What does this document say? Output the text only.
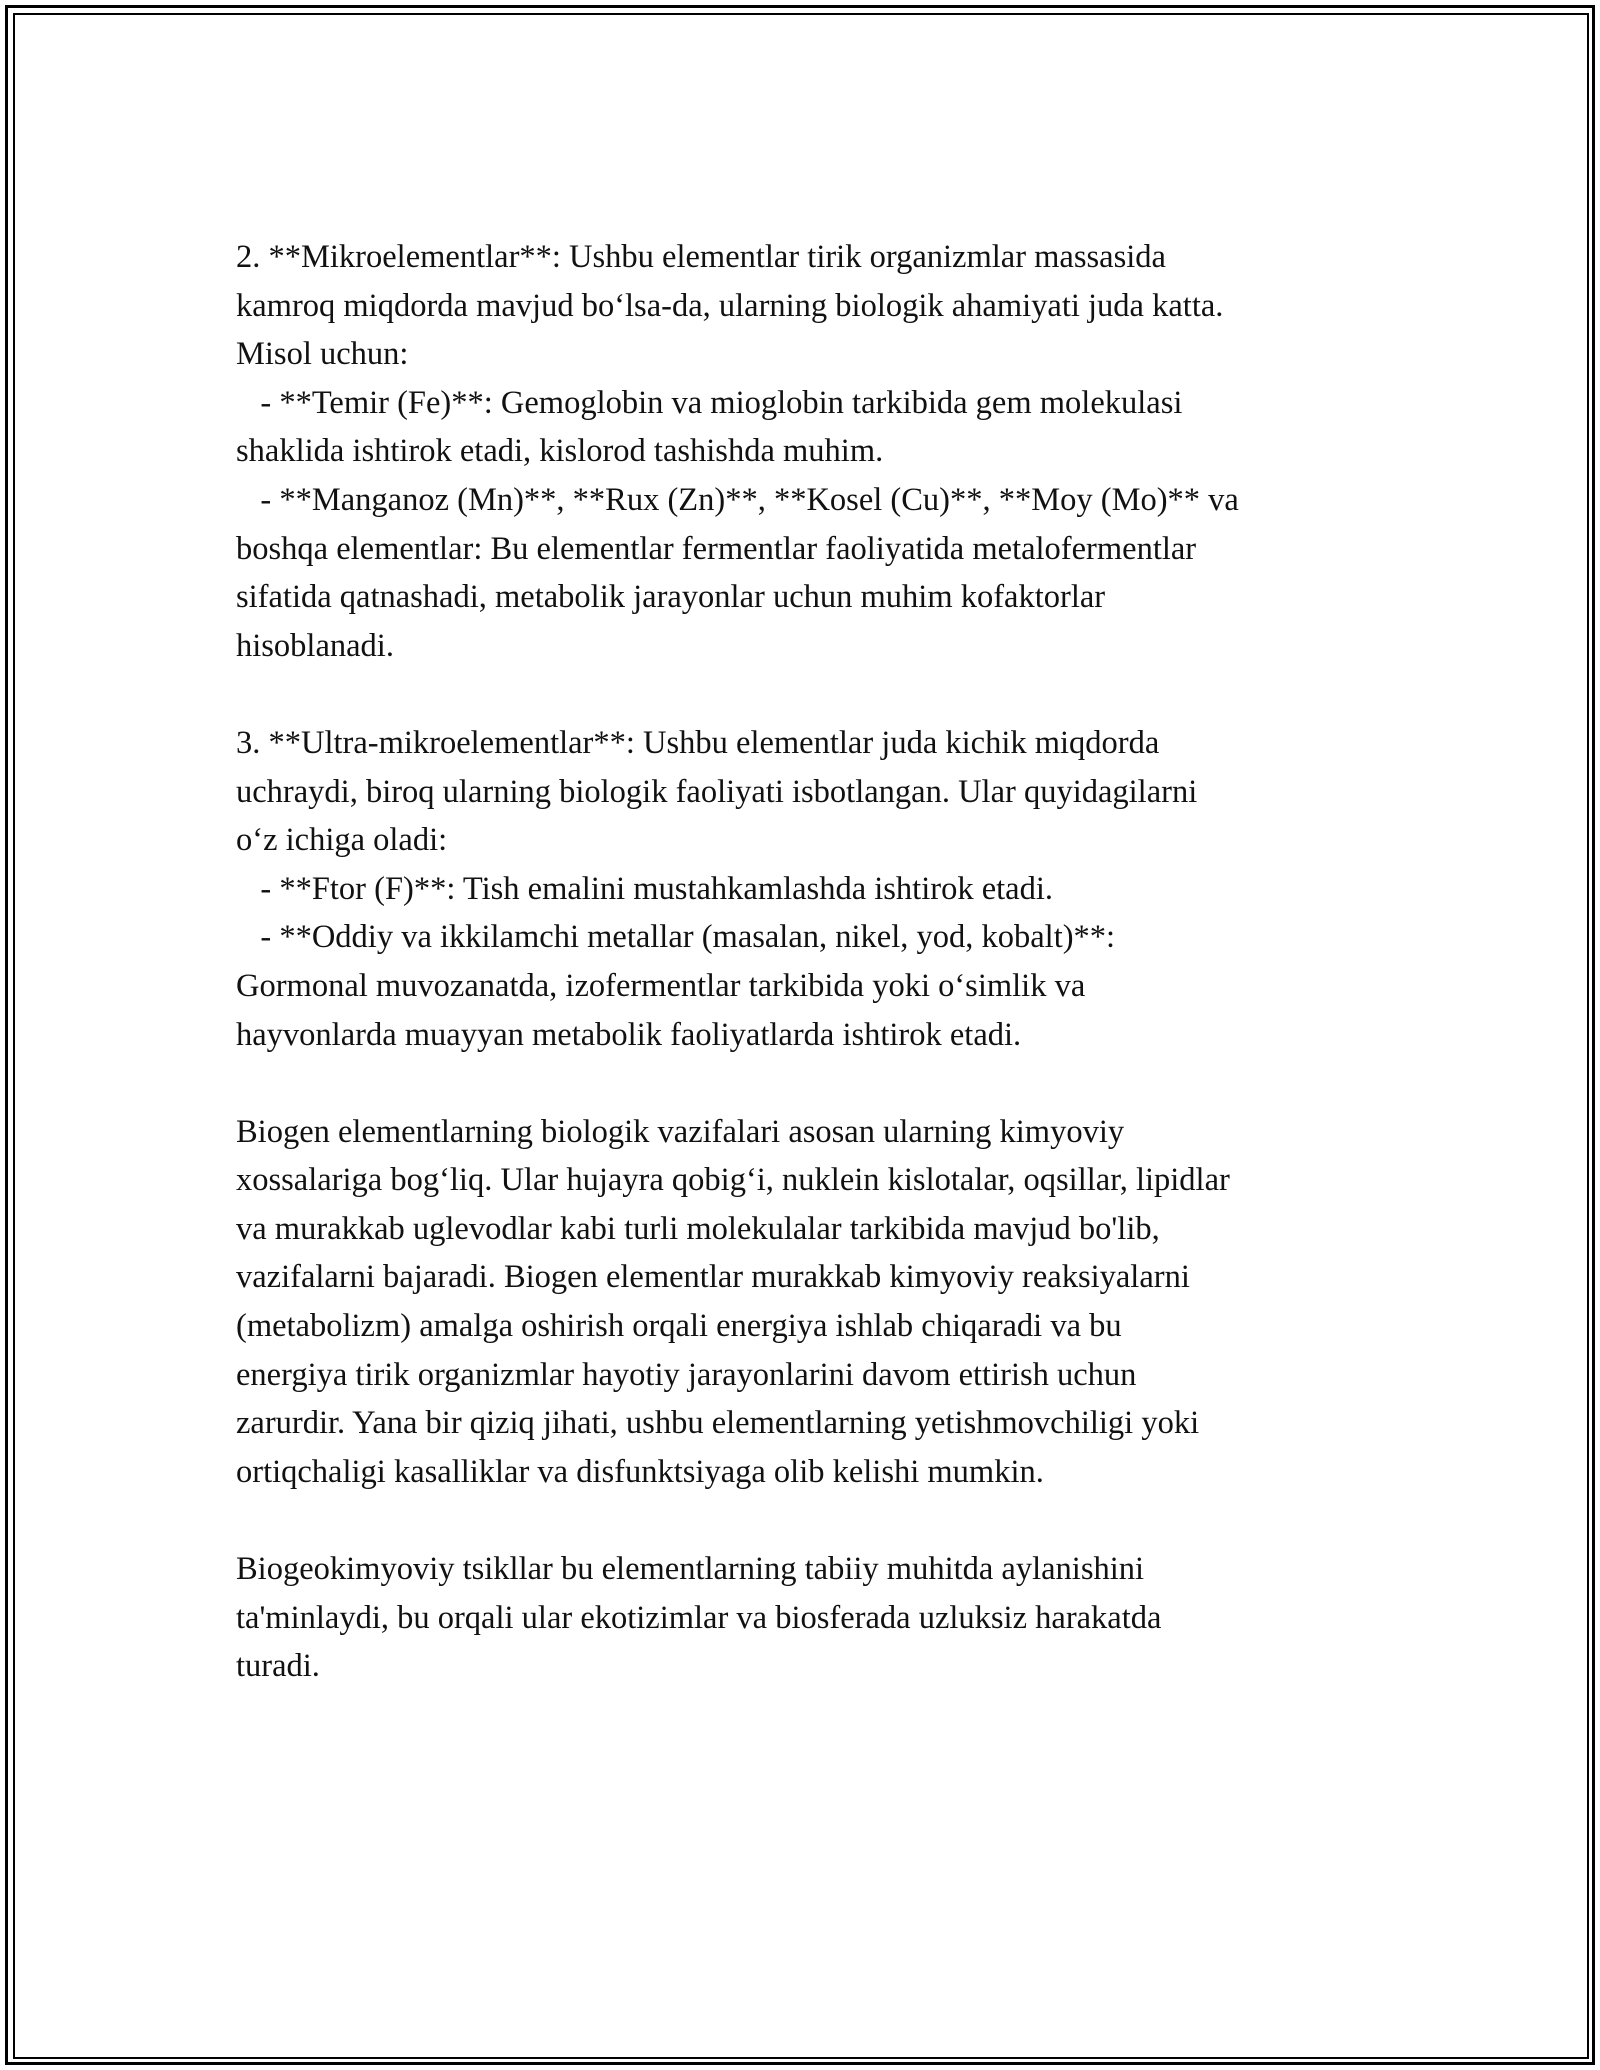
2. **Mikroelementlar**: Ushbu elementlar tirik organizmlar massasida
kamroq miqdorda mavjud bo‘lsa-da, ularning biologik ahamiyati juda katta.
Misol uchun:
- **Temir (Fe)**: Gemoglobin va mioglobin tarkibida gem molekulasi
shaklida ishtirok etadi, kislorod tashishda muhim.
- **Manganoz (Mn)**, **Rux (Zn)**, **Kosel (Cu)**, **Moy (Mo)** va
boshqa elementlar: Bu elementlar fermentlar faoliyatida metalofermentlar
sifatida qatnashadi, metabolik jarayonlar uchun muhim kofaktorlar
hisoblanadi.
3. **Ultra-mikroelementlar**: Ushbu elementlar juda kichik miqdorda
uchraydi, biroq ularning biologik faoliyati isbotlangan. Ular quyidagilarni
o‘z ichiga oladi:
- **Ftor (F)**: Tish emalini mustahkamlashda ishtirok etadi.
- **Oddiy va ikkilamchi metallar (masalan, nikel, yod, kobalt)**:
Gormonal muvozanatda, izofermentlar tarkibida yoki o‘simlik va
hayvonlarda muayyan metabolik faoliyatlarda ishtirok etadi.
Biogen elementlarning biologik vazifalari asosan ularning kimyoviy
xossalariga bog‘liq. Ular hujayra qobig‘i, nuklein kislotalar, oqsillar, lipidlar
va murakkab uglevodlar kabi turli molekulalar tarkibida mavjud bo'lib,
vazifalarni bajaradi. Biogen elementlar murakkab kimyoviy reaksiyalarni
(metabolizm) amalga oshirish orqali energiya ishlab chiqaradi va bu
energiya tirik organizmlar hayotiy jarayonlarini davom ettirish uchun
zarurdir. Yana bir qiziq jihati, ushbu elementlarning yetishmovchiligi yoki
ortiqchaligi kasalliklar va disfunktsiyaga olib kelishi mumkin.
Biogeokimyoviy tsikllar bu elementlarning tabiiy muhitda aylanishini
ta'minlaydi, bu orqali ular ekotizimlar va biosferada uzluksiz harakatda
turadi.
